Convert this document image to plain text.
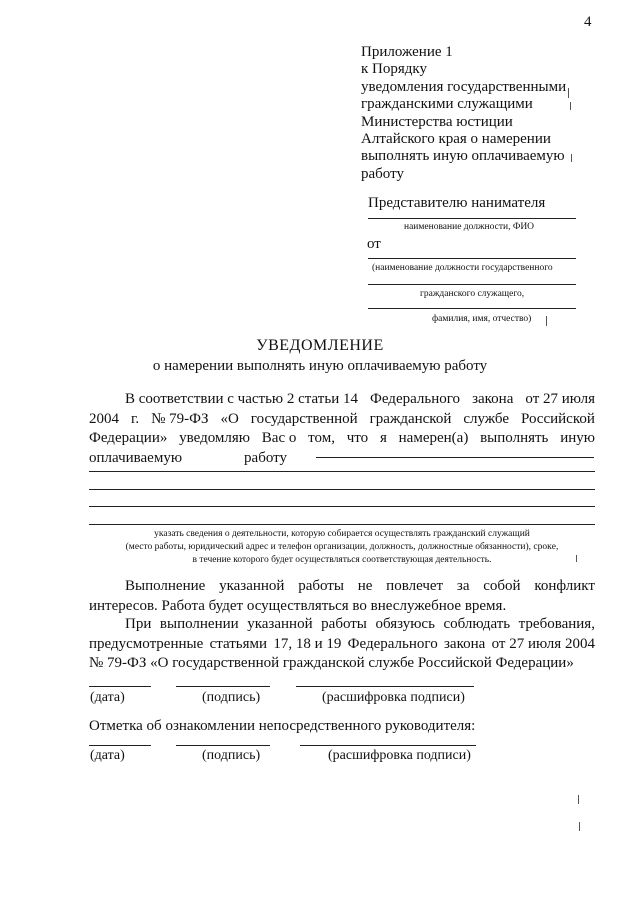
4
Приложение 1
к Порядку
уведомления государственными
гражданскими служащими
Министерства юстиции
Алтайского края о намерении
выполнять иную оплачиваемую
работу
Представителю нанимателя
наименование должности, ФИО
от
(наименование должности государственного
гражданского служащего,
фамилия, имя, отчество)
УВЕДОМЛЕНИЕ
о намерении выполнять иную оплачиваемую работу
В соответствии с частью 2 статьи 14 Федерального закона от 27 июля
2004 г. № 79-ФЗ «О государственной гражданской службе Российской
Федерации» уведомляю Вас о том, что я намерен(а) выполнять иную
оплачиваемую	работу
указать сведения о деятельности, которую собирается осуществлять гражданский служащий
(место работы, юридический адрес и телефон организации, должность, должностные обязанности), срокe,
в течение которого будет осуществляться соответствующая деятельность.
Выполнение указанной работы не повлечет за собой конфликт
интересов. Работа будет осуществляться во внеслужебное время.
При выполнении указанной работы обязуюсь соблюдать требования,
предусмотренные статьями 17, 18 и 19 Федерального закона от 27 июля 2004
№ 79-ФЗ «О государственной гражданской службе Российской Федерации»
(дата)	(подпись)	(расшифровка подписи)
Отметка об ознакомлении непосредственного руководителя:
(дата)	(подпись)	(расшифровка подписи)
